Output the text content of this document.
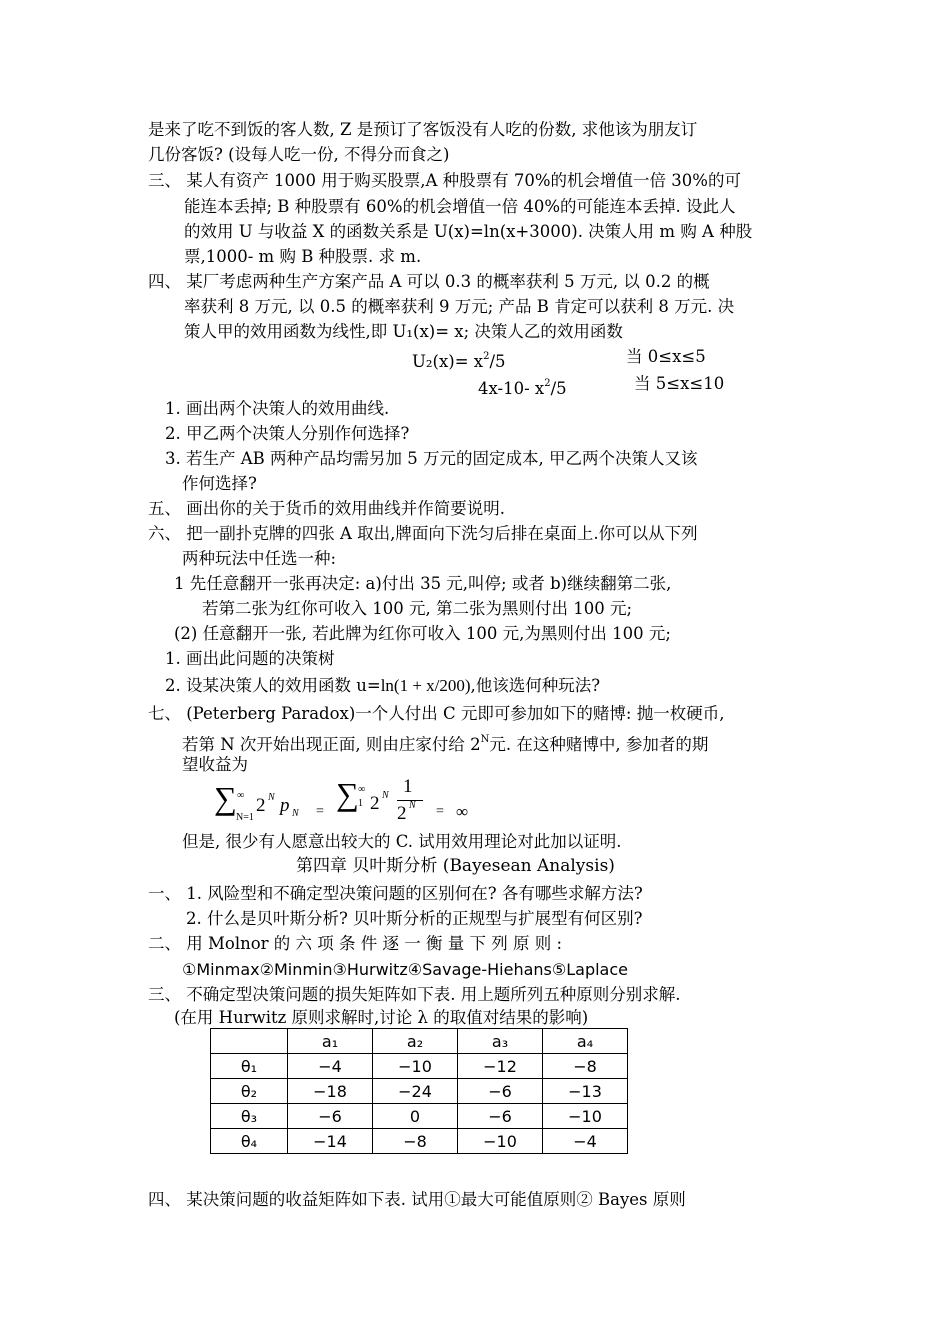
是来了吃不到饭的客人数, Z 是预订了客饭没有人吃的份数, 求他该为朋友订
几份客饭? (设每人吃一份, 不得分而食之)
三、 某人有资产 1000 用于购买股票,A 种股票有 70%的机会增值一倍 30%的可
能连本丢掉; B 种股票有 60%的机会增值一倍 40%的可能连本丢掉. 设此人
的效用 U 与收益 X 的函数关系是 U(x)=ln(x+3000). 决策人用 m 购 A 种股
票,1000- m 购 B 种股票. 求 m.
四、 某厂考虑两种生产方案产品 A 可以 0.3 的概率获利 5 万元, 以 0.2 的概
率获利 8 万元, 以 0.5 的概率获利 9 万元; 产品 B 肯定可以获利 8 万元. 决
策人甲的效用函数为线性,即 U₁(x)= x; 决策人乙的效用函数
$U_2(x)= x^2/5$	当 0≤x≤5
4x-10- $x^2/5$	当 5≤x≤10
1. 画出两个决策人的效用曲线.
2. 甲乙两个决策人分别作何选择?
3. 若生产 AB 两种产品均需另加 5 万元的固定成本, 甲乙两个决策人又该
作何选择?
五、 画出你的关于货币的效用曲线并作简要说明.
六、 把一副扑克牌的四张 A 取出,牌面向下洗匀后排在桌面上.你可以从下列
两种玩法中任选一种:
1 先任意翻开一张再决定: a)付出 35 元,叫停; 或者 b)继续翻第二张,
若第二张为红你可收入 100 元, 第二张为黑则付出 100 元;
(2) 任意翻开一张, 若此牌为红你可收入 100 元,为黑则付出 100 元;
1. 画出此问题的决策树
2. 设某决策人的效用函数 u=ln(1 + x/200),他该选何种玩法?
七、 (Peterberg Paradox)一个人付出 C 元即可参加如下的赌博: 抛一枚硬币,
若第 N 次开始出现正面, 则由庄家付给 $2^N$元. 在这种赌博中, 参加者的期
望收益为
∑
N=1
∞ 2 N p N = ∑ 1
∞
2 N 1
2 N = ∞
但是, 很少有人愿意出较大的 C. 试用效用理论对此加以证明.
第四章 贝叶斯分析 (Bayesean Analysis)
一、 1. 风险型和不确定型决策问题的区别何在? 各有哪些求解方法?
2. 什么是贝叶斯分析? 贝叶斯分析的正规型与扩展型有何区别?
二、 用 Molnor 的 六 项 条 件 逐 一 衡 量 下 列 原 则 :
①Minmax②Minmin③Hurwitz④Savage-Hiehans⑤Laplace
三、 不确定型决策问题的损失矩阵如下表. 用上题所列五种原则分别求解.
(在用 Hurwitz 原则求解时,讨论 λ 的取值对结果的影响)
	a₁	a₂	a₃	a₄
θ₁	−4	−10	−12	−8
θ₂	−18	−24	−6	−13
θ₃	−6	0	−6	−10
θ₄	−14	−8	−10	−4
四、 某决策问题的收益矩阵如下表. 试用①最大可能值原则② Bayes 原则
